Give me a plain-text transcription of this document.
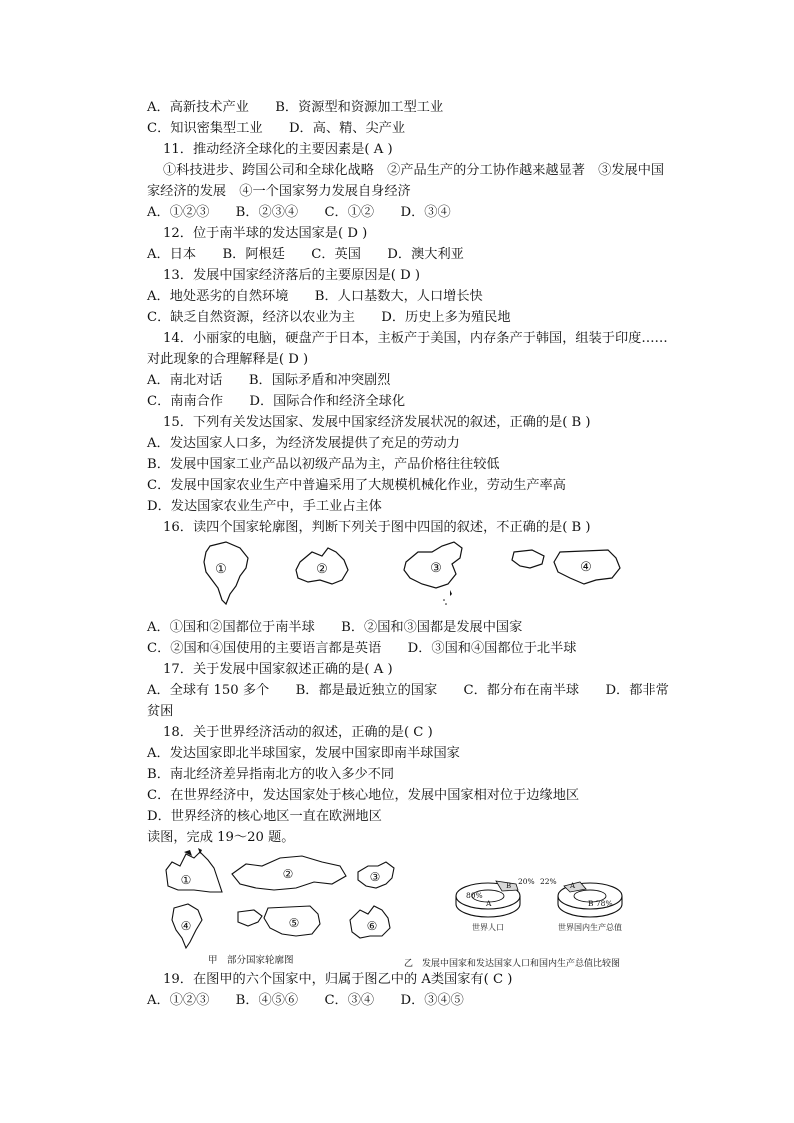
A．高新技术产业　　B．资源型和资源加工型工业
C．知识密集型工业　　D．高、精、尖产业
11．推动经济全球化的主要因素是( A )
①科技进步、跨国公司和全球化战略　②产品生产的分工协作越来越显著　③发展中国
家经济的发展　④一个国家努力发展自身经济
A．①②③　　B．②③④　　C．①②　　D．③④
12．位于南半球的发达国家是( D )
A．日本　　B．阿根廷　　C．英国　　D．澳大利亚
13．发展中国家经济落后的主要原因是( D )
A．地处恶劣的自然环境　　B．人口基数大，人口增长快
C．缺乏自然资源，经济以农业为主　　D．历史上多为殖民地
14．小丽家的电脑，硬盘产于日本，主板产于美国，内存条产于韩国，组装于印度……
对此现象的合理解释是( D )
A．南北对话　　B．国际矛盾和冲突剧烈
C．南南合作　　D．国际合作和经济全球化
15．下列有关发达国家、发展中国家经济发展状况的叙述，正确的是( B )
A．发达国家人口多，为经济发展提供了充足的劳动力
B．发展中国家工业产品以初级产品为主，产品价格往往较低
C．发展中国家农业生产中普遍采用了大规模机械化作业，劳动生产率高
D．发达国家农业生产中，手工业占主体
16．读四个国家轮廓图，判断下列关于图中四国的叙述，不正确的是( B )
①	②	③	④
A．①国和②国都位于南半球　　B．②国和③国都是发展中国家
C．②国和④国使用的主要语言都是英语　　D．③国和④国都位于北半球
17．关于发展中国家叙述正确的是( A )
A．全球有 150 多个　　B．都是最近独立的国家　　C．都分布在南半球　　D．都非常
贫困
18．关于世界经济活动的叙述，正确的是( C )
A．发达国家即北半球国家，发展中国家即南半球国家
B．南北经济差异指南北方的收入多少不同
C．在世界经济中，发达国家处于核心地位，发展中国家相对位于边缘地区
D．世界经济的核心地区一直在欧洲地区
读图，完成 19～20 题。
①	②	③
④	⑤	⑥
甲　部分国家轮廓图
80%
A
B 20% 22% A
B 78%
世界人口	世界国内生产总值
乙　发展中国家和发达国家人口和国内生产总值比较图
19．在图甲的六个国家中，归属于图乙中的 A类国家有( C )
A．①②③　　B．④⑤⑥　　C．③④　　D．③④⑤
